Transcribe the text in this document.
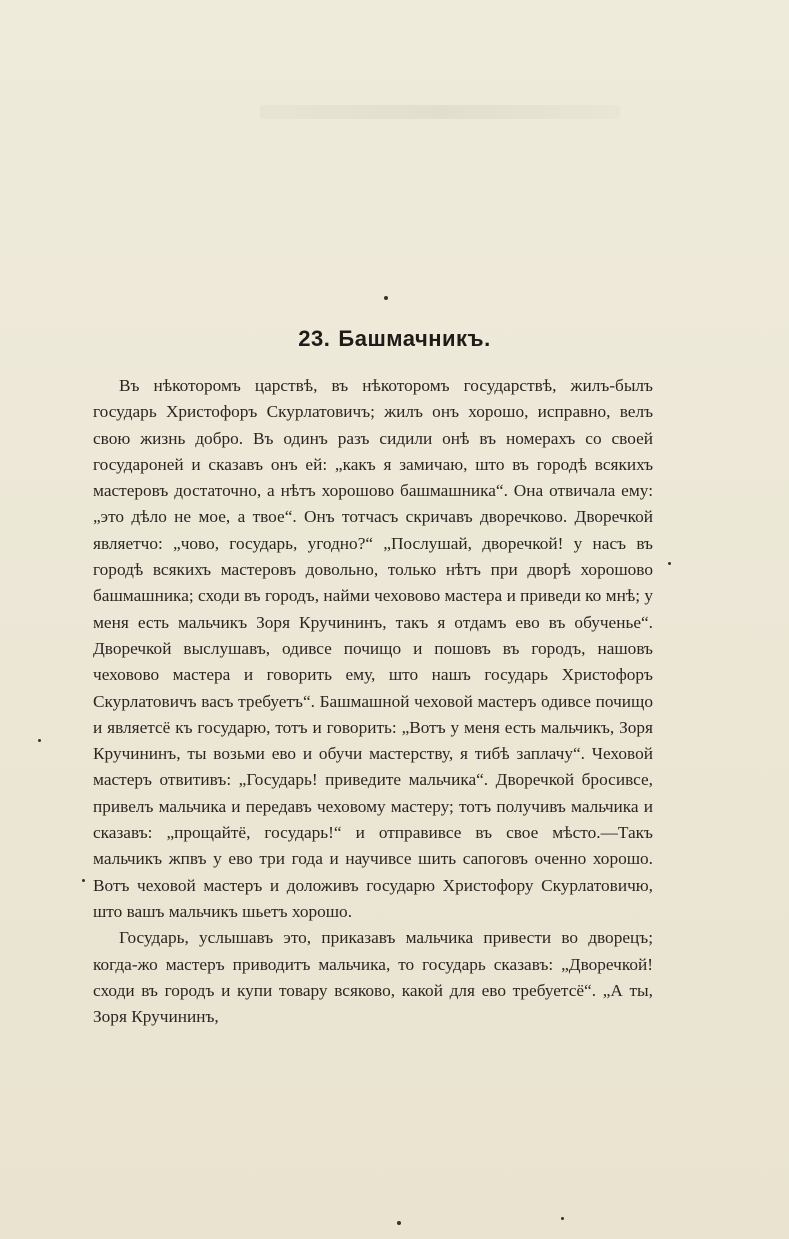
23. Башмачникъ.

Въ нѣкоторомъ царствѣ, въ нѣкоторомъ государствѣ, жилъ-былъ государь Христофоръ Скурлатовичъ; жилъ онъ хорошо, исправно, велъ свою жизнь добро. Въ одинъ разъ сидили онѣ въ номерахъ со своей государоней и сказавъ онъ ей: „какъ я замичаю, што въ городѣ всякихъ мастеровъ достаточно, а нѣтъ хорошово башмашника“. Она отвичала ему: „это дѣло не мое, а твое“. Онъ тотчасъ скричавъ дворечково. Дворечкой являетчо: „чово, государь, угодно?“ „Послушай, дворечкой! у насъ въ городѣ всякихъ мастеровъ довольно, только нѣтъ при дворѣ хорошово башмашника; сходи въ городъ, найми чеховово мастера и приведи ко мнѣ; у меня есть мальчикъ Зоря Кручининъ, такъ я отдамъ ево въ обученье“. Дворечкой выслушавъ, одивсе почищо и пошовъ въ городъ, нашовъ чеховово мастера и говорить ему, што нашъ государь Христофоръ Скурлатовичъ васъ требуетъ“. Башмашной чеховой мастеръ одивсе почищо и являетсё къ государю, тотъ и говорить: „Вотъ у меня есть мальчикъ, Зоря Кручининъ, ты возьми ево и обучи мастерству, я тибѣ заплачу“. Чеховой мастеръ отвитивъ: „Государь! приведите мальчика“. Дворечкой бросивсе, привелъ мальчика и передавъ чеховому мастеру; тотъ получивъ мальчика и сказавъ: „прощайтё, государь!“ и отправивсе въ свое мѣсто.—Такъ мальчикъ жпвъ у ево три года и научивсе шить сапоговъ оченно хорошо. Вотъ чеховой мастеръ и доложивъ государю Христофору Скурлатовичю, што вашъ мальчикъ шьетъ хорошо.

Государь, услышавъ это, приказавъ мальчика привести во дворецъ; когда-жо мастеръ приводитъ мальчика, то государь сказавъ: „Дворечкой! сходи въ городъ и купи товару всяково, какой для ево требуетсё“. „А ты, Зоря Кручининъ,
